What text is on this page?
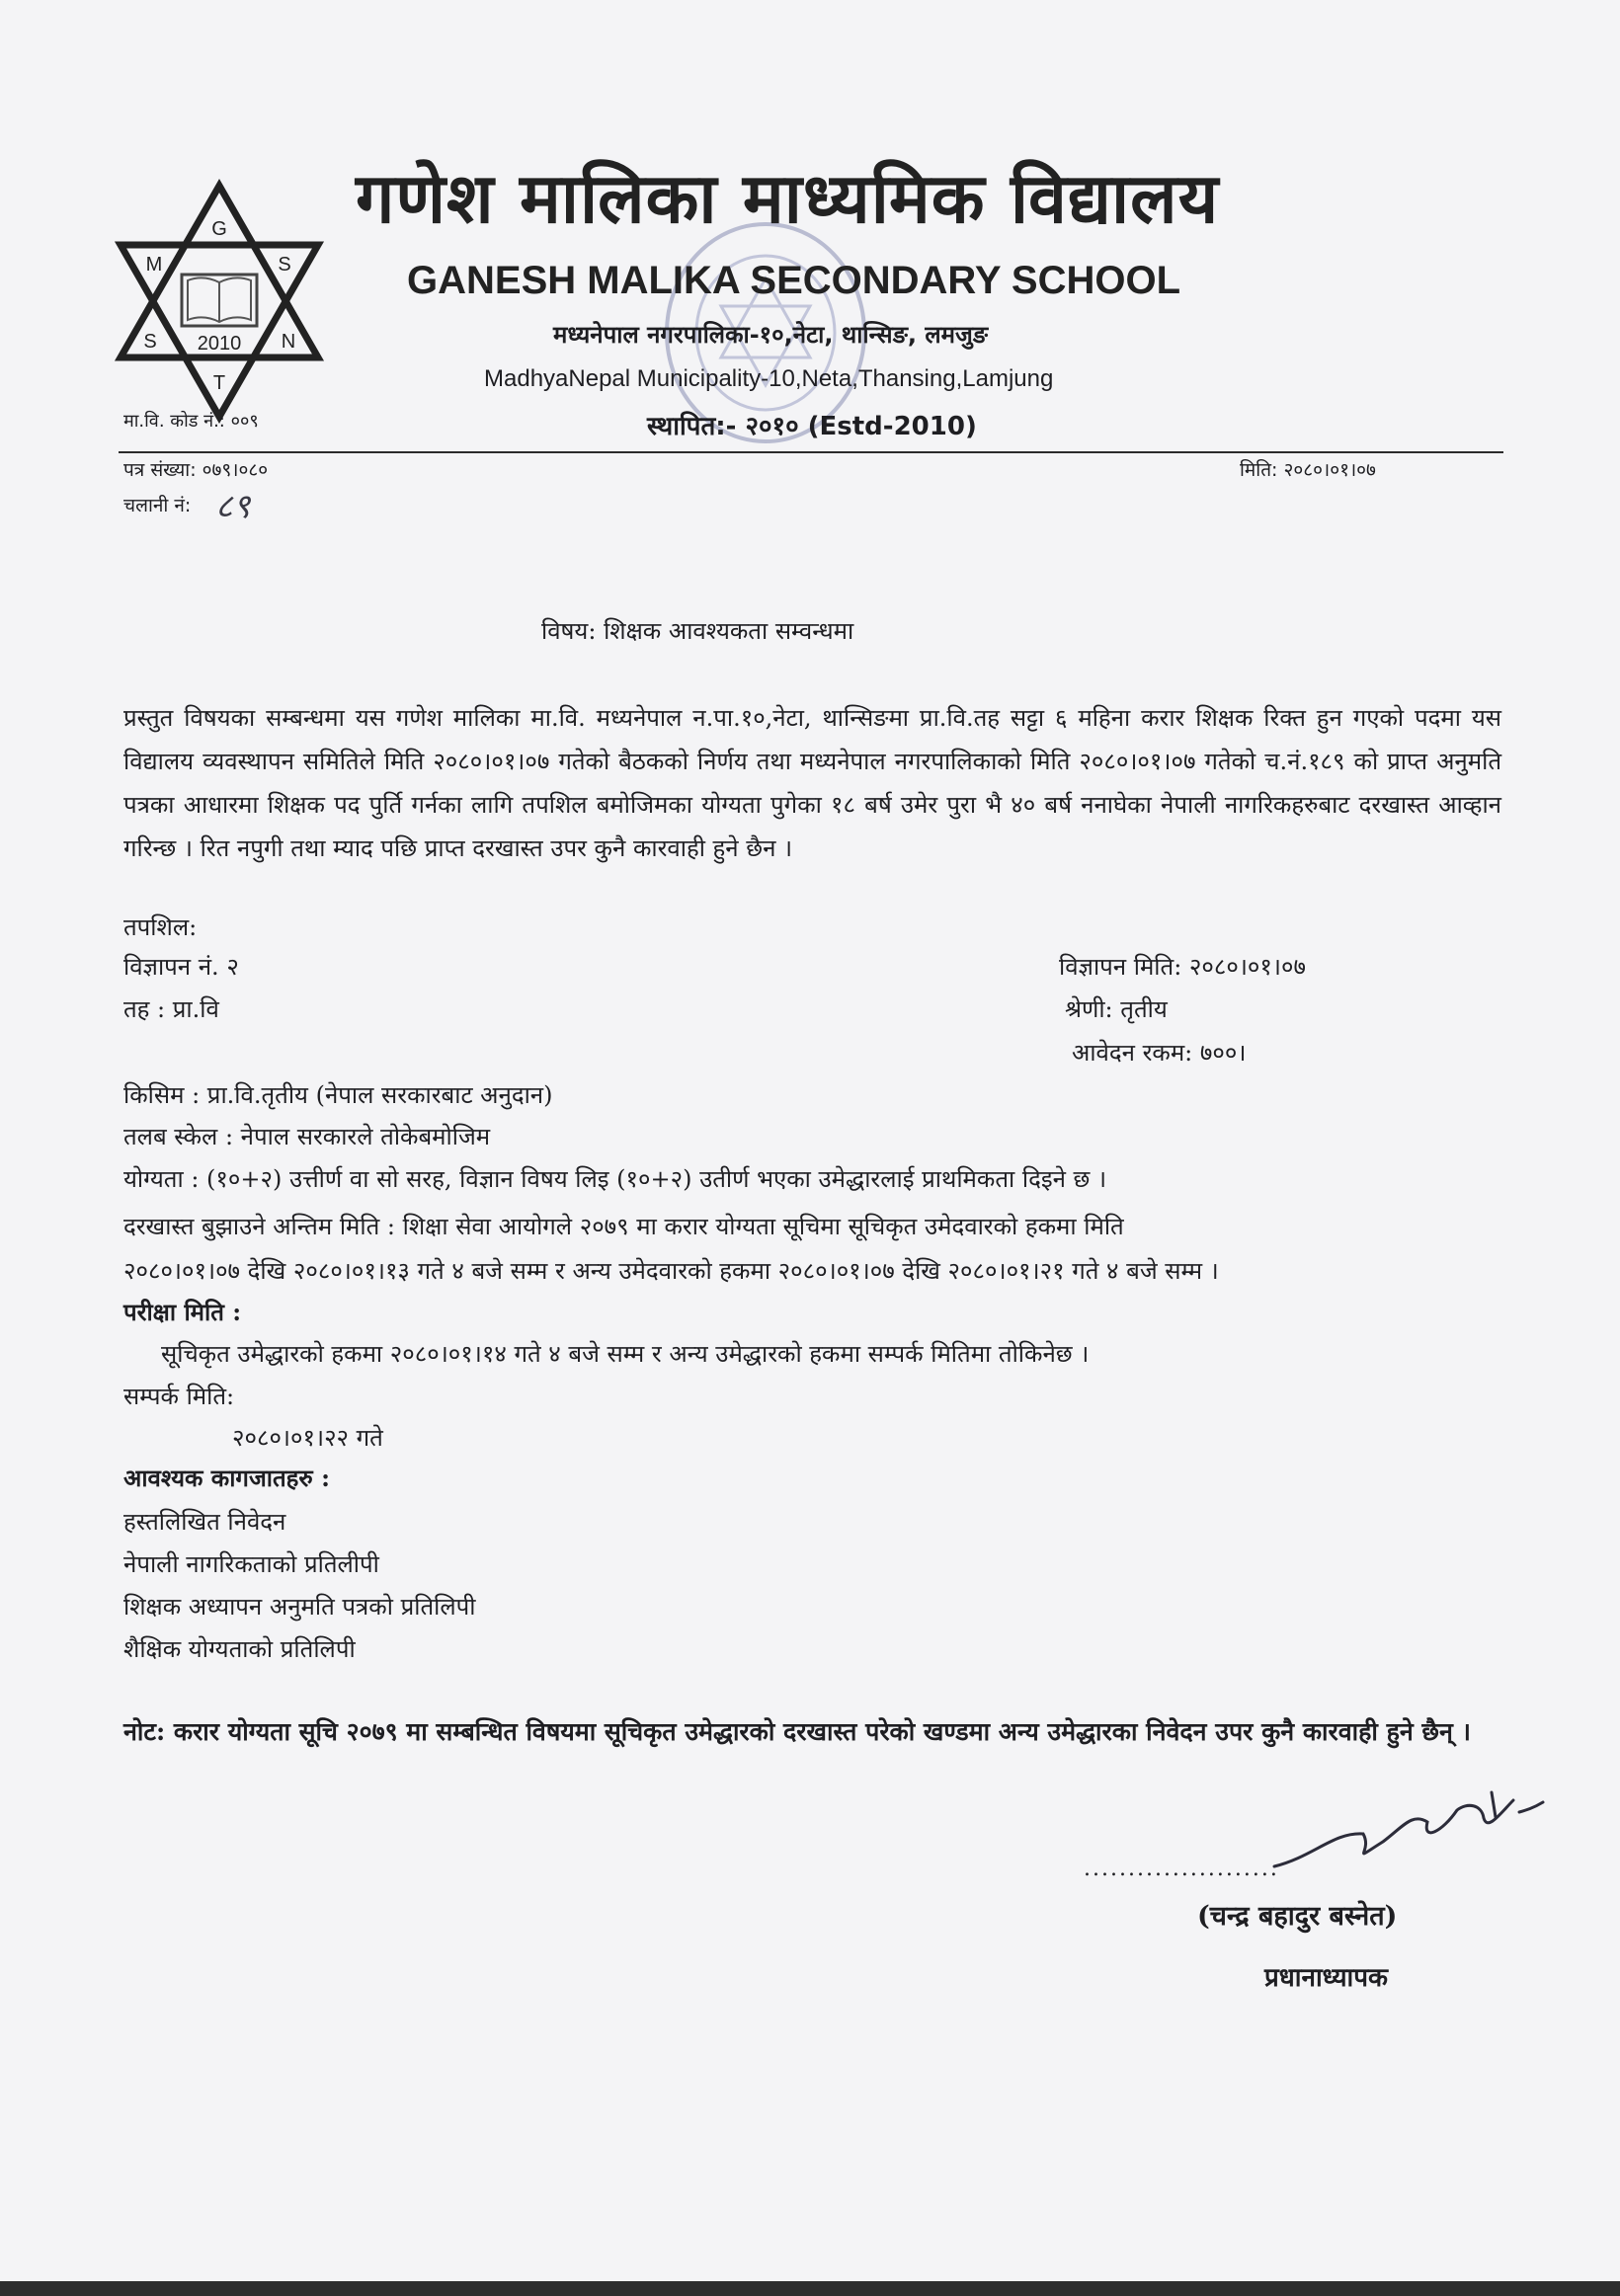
G
M	S
S	N
2010
T
मा.वि. कोड नं.: ००९
गणेश मालिका माध्यमिक विद्यालय
GANESH MALIKA SECONDARY SCHOOL
मध्यनेपाल नगरपालिका-१०,नेटा, थान्सिङ, लमजुङ
MadhyaNepal Municipality-10,Neta,Thansing,Lamjung
स्थापित:- २०१० (Estd-2010)
पत्र संख्या: ०७९।०८०
चलानी नं: ८९
मिति: २०८०।०१।०७
विषय: शिक्षक आवश्यकता सम्वन्धमा
प्रस्तुत विषयका सम्बन्धमा यस गणेश मालिका मा.वि. मध्यनेपाल न.पा.१०,नेटा, थान्सिङमा प्रा.वि.तह सट्टा ६ महिना करार शिक्षक रिक्त हुन गएको पदमा यस विद्यालय व्यवस्थापन समितिले मिति २०८०।०१।०७ गतेको बैठकको निर्णय तथा मध्यनेपाल नगरपालिकाको मिति २०८०।०१।०७ गतेको च.नं.१८९ को प्राप्त अनुमति पत्रका आधारमा शिक्षक पद पुर्ति गर्नका लागि तपशिल बमोजिमका योग्यता पुगेका १८ बर्ष उमेर पुरा भै ४० बर्ष ननाघेका नेपाली नागरिकहरुबाट दरखास्त आव्हान गरिन्छ । रित नपुगी तथा म्याद पछि प्राप्त दरखास्त उपर कुनै कारवाही हुने छैन ।
तपशिल:
विज्ञापन नं. २
तह : प्रा.वि
विज्ञापन मिति: २०८०।०१।०७
श्रेणी: तृतीय
आवेदन रकम: ७००।
किसिम : प्रा.वि.तृतीय (नेपाल सरकारबाट अनुदान)
तलब स्केल : नेपाल सरकारले तोकेबमोजिम
योग्यता : (१०+२) उत्तीर्ण वा सो सरह, विज्ञान विषय लिइ (१०+२) उतीर्ण भएका उमेद्धारलाई प्राथमिकता दिइने छ ।
दरखास्त बुझाउने अन्तिम मिति : शिक्षा सेवा आयोगले २०७९ मा करार योग्यता सूचिमा सूचिकृत उमेदवारको हकमा मिति
२०८०।०१।०७ देखि २०८०।०१।१३ गते ४ बजे सम्म र अन्य उमेदवारको हकमा २०८०।०१।०७ देखि २०८०।०१।२१ गते ४ बजे सम्म ।
परीक्षा मिति :
सूचिकृत उमेद्धारको हकमा २०८०।०१।१४ गते ४ बजे सम्म र अन्य उमेद्धारको हकमा सम्पर्क मितिमा तोकिनेछ ।
सम्पर्क मिति:
२०८०।०१।२२ गते
आवश्यक कागजातहरु :
हस्तलिखित निवेदन
नेपाली नागरिकताको प्रतिलीपी
शिक्षक अध्यापन अनुमति पत्रको प्रतिलिपी
शैक्षिक योग्यताको प्रतिलिपी
नोट: करार योग्यता सूचि २०७९ मा सम्बन्धित विषयमा सूचिकृत उमेद्धारको दरखास्त परेको खण्डमा अन्य उमेद्धारका निवेदन उपर कुनै कारवाही हुने छैन् ।
......................
(चन्द्र बहादुर बस्नेत)
प्रधानाध्यापक
